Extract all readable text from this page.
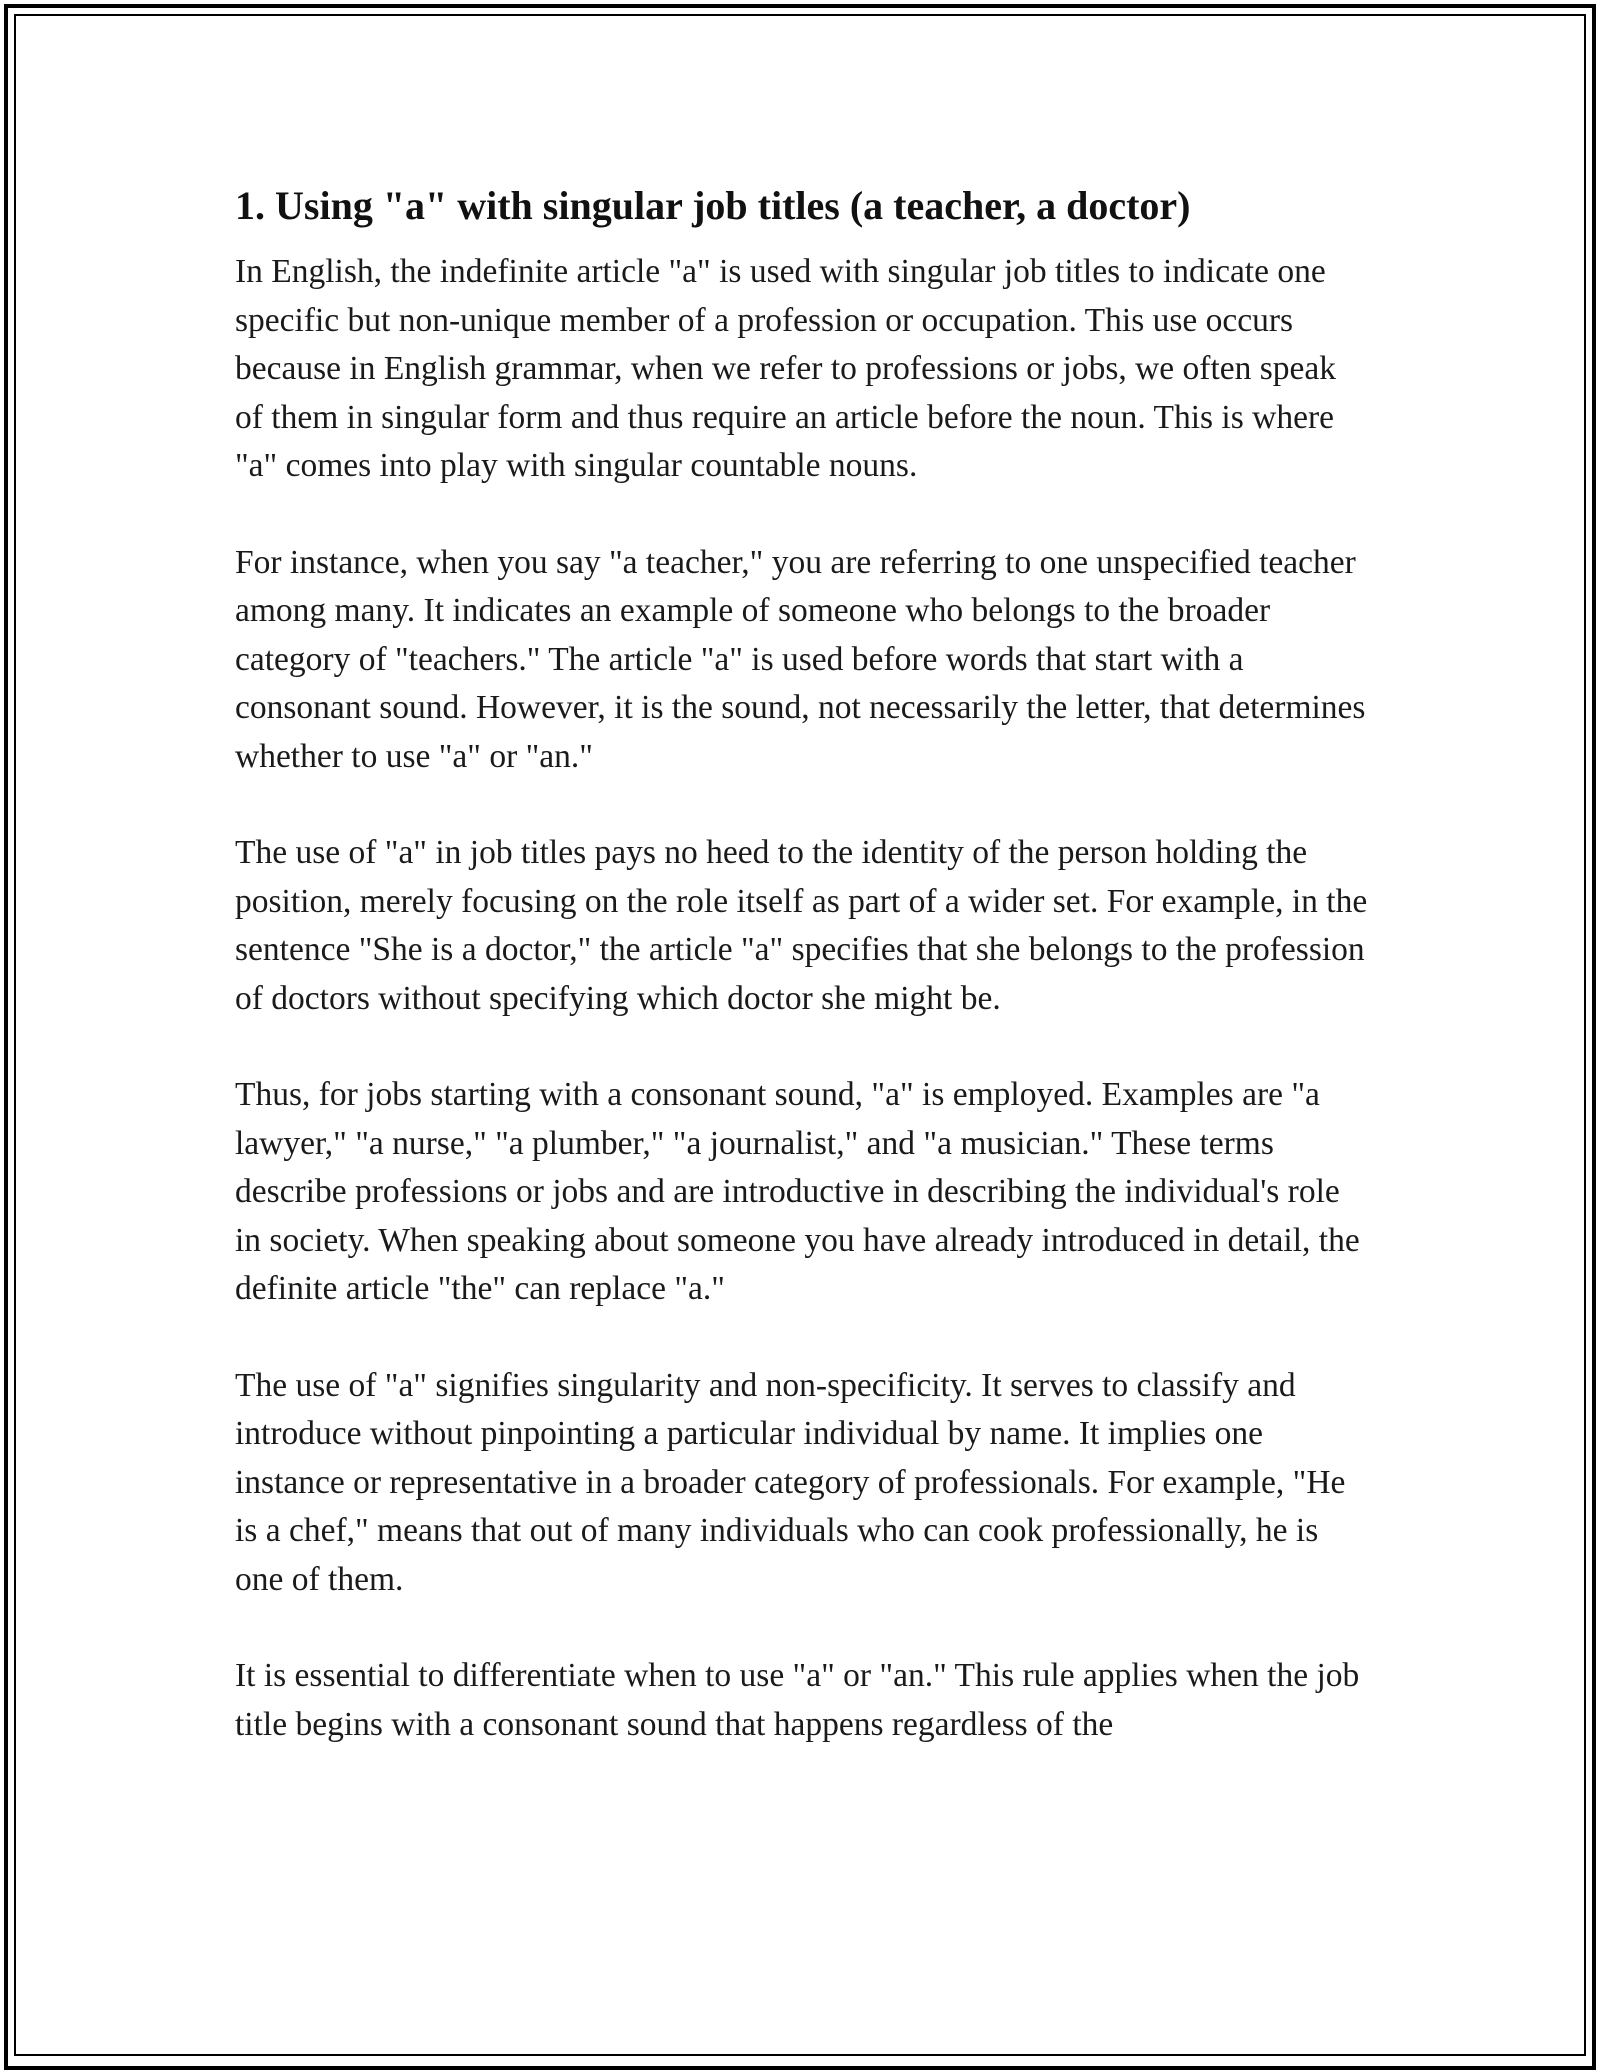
1. Using "a" with singular job titles (a teacher, a doctor)

In English, the indefinite article "a" is used with singular job titles to indicate one specific but non-unique member of a profession or occupation. This use occurs because in English grammar, when we refer to professions or jobs, we often speak of them in singular form and thus require an article before the noun. This is where "a" comes into play with singular countable nouns.

For instance, when you say "a teacher," you are referring to one unspecified teacher among many. It indicates an example of someone who belongs to the broader category of "teachers." The article "a" is used before words that start with a consonant sound. However, it is the sound, not necessarily the letter, that determines whether to use "a" or "an."

The use of "a" in job titles pays no heed to the identity of the person holding the position, merely focusing on the role itself as part of a wider set. For example, in the sentence "She is a doctor," the article "a" specifies that she belongs to the profession of doctors without specifying which doctor she might be.

Thus, for jobs starting with a consonant sound, "a" is employed. Examples are "a lawyer," "a nurse," "a plumber," "a journalist," and "a musician." These terms describe professions or jobs and are introductive in describing the individual's role in society. When speaking about someone you have already introduced in detail, the definite article "the" can replace "a."

The use of "a" signifies singularity and non-specificity. It serves to classify and introduce without pinpointing a particular individual by name. It implies one instance or representative in a broader category of professionals. For example, "He is a chef," means that out of many individuals who can cook professionally, he is one of them.

It is essential to differentiate when to use "a" or "an." This rule applies when the job title begins with a consonant sound that happens regardless of the
